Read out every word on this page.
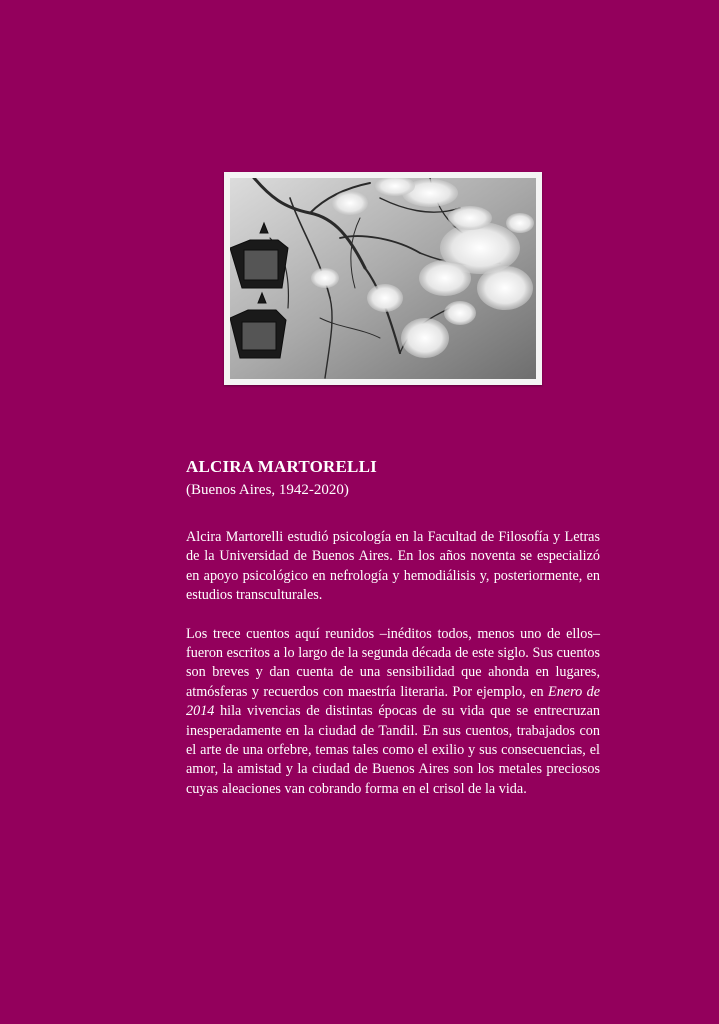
ALCIRA MARTORELLI

(Buenos Aires, 1942-2020)

Alcira Martorelli estudió psicología en la Facultad de Filosofía y Letras de la Universidad de Buenos Aires. En los años noventa se especializó en apoyo psicológico en nefrología y hemodiálisis y, posteriormente, en estudios transculturales.

Los trece cuentos aquí reunidos –inéditos todos, menos uno de ellos– fueron escritos a lo largo de la segunda década de este siglo. Sus cuentos son breves y dan cuenta de una sensibilidad que ahonda en lugares, atmósferas y recuerdos con maestría literaria. Por ejemplo, en Enero de 2014 hila vivencias de distintas épocas de su vida que se entrecruzan inesperadamente en la ciudad de Tandil. En sus cuentos, trabajados con el arte de una orfebre, temas tales como el exilio y sus consecuencias, el amor, la amistad y la ciudad de Buenos Aires son los metales preciosos cuyas aleaciones van cobrando forma en el crisol de la vida.
